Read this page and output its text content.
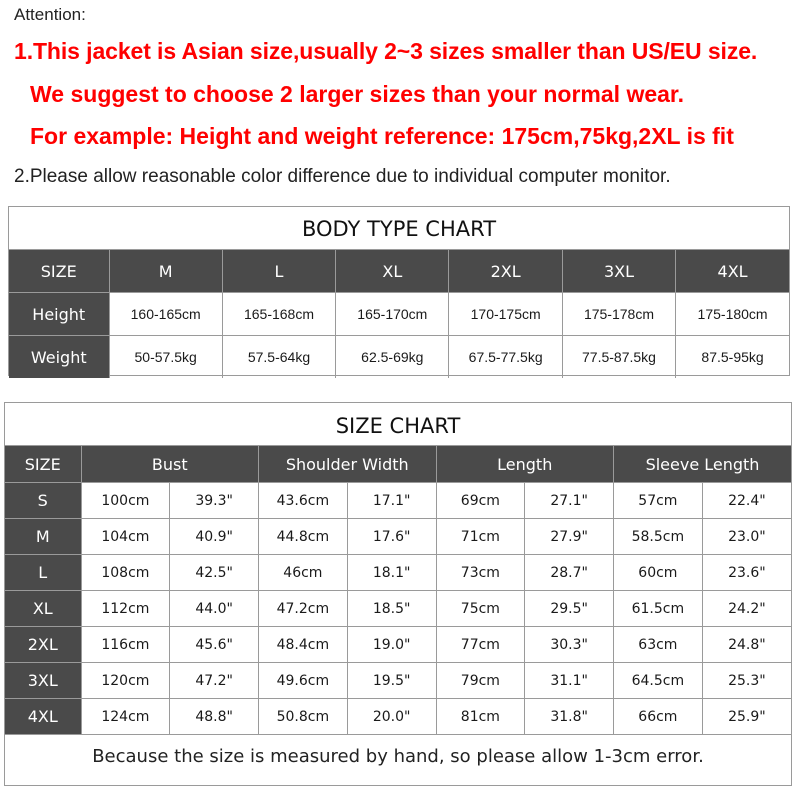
Attention:
1.This jacket is Asian size,usually 2~3 sizes smaller than US/EU size.
We suggest to choose 2 larger sizes than your normal wear.
For example: Height and weight reference: 175cm,75kg,2XL is fit
2.Please allow reasonable color difference due to individual computer monitor.
BODY TYPE CHART
SIZE	M	L	XL	2XL	3XL	4XL
Height	160-165cm	165-168cm	165-170cm	170-175cm	175-178cm	175-180cm
Weight	50-57.5kg	57.5-64kg	62.5-69kg	67.5-77.5kg	77.5-87.5kg	87.5-95kg
SIZE CHART
SIZE	Bust		Shoulder Width		Length		Sleeve Length	
S	100cm	39.3"	43.6cm	17.1"	69cm	27.1"	57cm	22.4"
M	104cm	40.9"	44.8cm	17.6"	71cm	27.9"	58.5cm	23.0"
L	108cm	42.5"	46cm	18.1"	73cm	28.7"	60cm	23.6"
XL	112cm	44.0"	47.2cm	18.5"	75cm	29.5"	61.5cm	24.2"
2XL	116cm	45.6"	48.4cm	19.0"	77cm	30.3"	63cm	24.8"
3XL	120cm	47.2"	49.6cm	19.5"	79cm	31.1"	64.5cm	25.3"
4XL	124cm	48.8"	50.8cm	20.0"	81cm	31.8"	66cm	25.9"

Because the size is measured by hand, so please allow 1-3cm error.								
